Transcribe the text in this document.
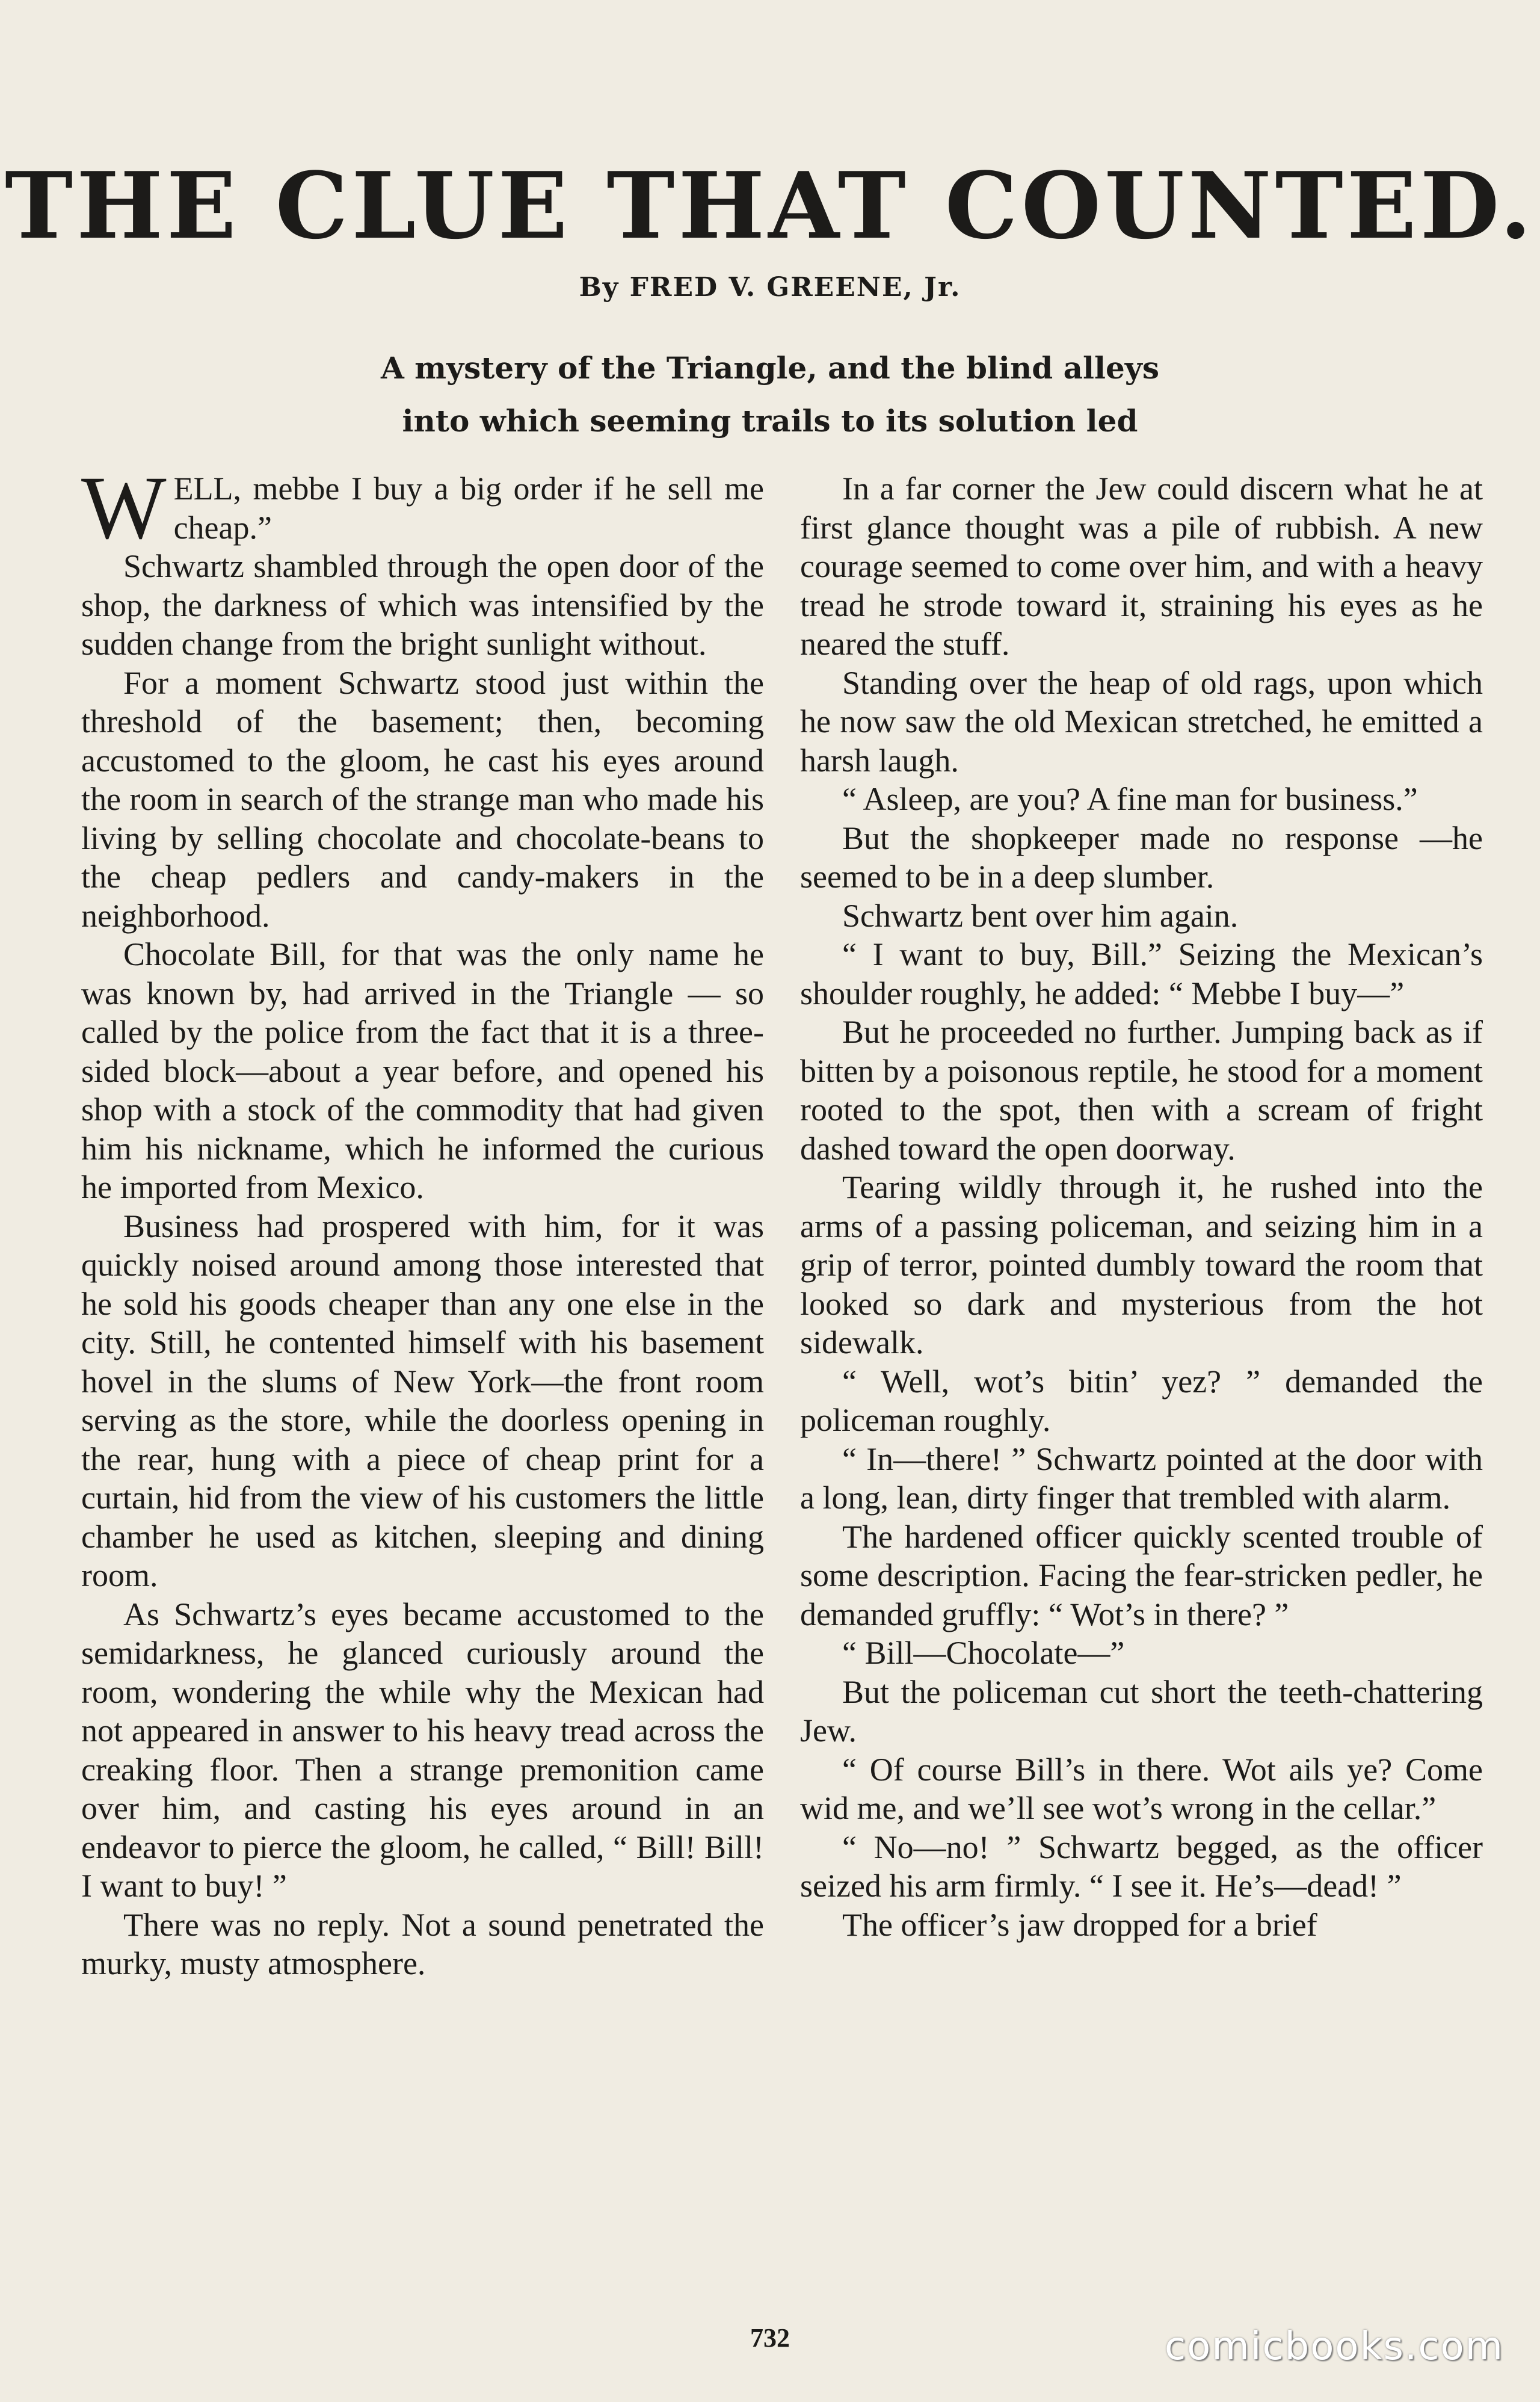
THE CLUE THAT COUNTED.
By FRED V. GREENE, Jr.
A mystery of the Triangle, and the blind alleys
into which seeming trails to its solution led

WELL, mebbe I buy a big order if he sell me cheap.”

Schwartz shambled through the open door of the shop, the darkness of which was intensified by the sudden change from the bright sunlight without.

For a moment Schwartz stood just within the threshold of the basement; then, becoming accustomed to the gloom, he cast his eyes around the room in search of the strange man who made his living by selling chocolate and chocolate-beans to the cheap pedlers and candy-makers in the neighborhood.

Chocolate Bill, for that was the only name he was known by, had arrived in the Triangle — so called by the police from the fact that it is a three-sided block—about a year before, and opened his shop with a stock of the commodity that had given him his nickname, which he informed the curious he imported from Mexico.

Business had prospered with him, for it was quickly noised around among those interested that he sold his goods cheaper than any one else in the city. Still, he contented himself with his basement hovel in the slums of New York—the front room serving as the store, while the doorless opening in the rear, hung with a piece of cheap print for a curtain, hid from the view of his customers the little chamber he used as kitchen, sleeping and dining room.

As Schwartz’s eyes became accustomed to the semidarkness, he glanced curiously around the room, wondering the while why the Mexican had not appeared in answer to his heavy tread across the creaking floor. Then a strange premonition came over him, and casting his eyes around in an endeavor to pierce the gloom, he called, “ Bill! Bill! I want to buy! ”

There was no reply. Not a sound penetrated the murky, musty atmosphere.

In a far corner the Jew could discern what he at first glance thought was a pile of rubbish. A new courage seemed to come over him, and with a heavy tread he strode toward it, straining his eyes as he neared the stuff.

Standing over the heap of old rags, upon which he now saw the old Mexican stretched, he emitted a harsh laugh.

“ Asleep, are you? A fine man for business.”

But the shopkeeper made no response —he seemed to be in a deep slumber.

Schwartz bent over him again.

“ I want to buy, Bill.” Seizing the Mexican’s shoulder roughly, he added: “ Mebbe I buy—”

But he proceeded no further. Jumping back as if bitten by a poisonous reptile, he stood for a moment rooted to the spot, then with a scream of fright dashed toward the open doorway.

Tearing wildly through it, he rushed into the arms of a passing policeman, and seizing him in a grip of terror, pointed dumbly toward the room that looked so dark and mysterious from the hot sidewalk.

“ Well, wot’s bitin’ yez? ” demanded the policeman roughly.

“ In—there! ” Schwartz pointed at the door with a long, lean, dirty finger that trembled with alarm.

The hardened officer quickly scented trouble of some description. Facing the fear-stricken pedler, he demanded gruffly: “ Wot’s in there? ”

“ Bill—Chocolate—”

But the policeman cut short the teeth-chattering Jew.

“ Of course Bill’s in there. Wot ails ye? Come wid me, and we’ll see wot’s wrong in the cellar.”

“ No—no! ” Schwartz begged, as the officer seized his arm firmly. “ I see it. He’s—dead! ”

The officer’s jaw dropped for a brief

732	comicbooks.com
